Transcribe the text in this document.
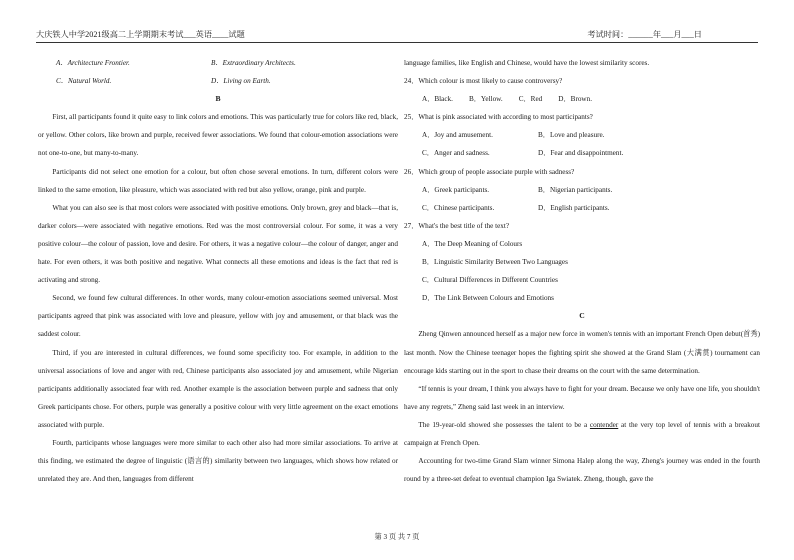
大庆铁人中学2021级高二上学期期末考试___英语____试题	考试时间：______年___月___日
A．Architecture Frontier.	B．Extraordinary Architects.
C．Natural World.	D．Living on Earth.
B

First, all participants found it quite easy to link colors and emotions. This was particularly true for colors like red, black, or yellow. Other colors, like brown and purple, received fewer associations. We found that colour-emotion associations were not one-to-one, but many-to-many.

Participants did not select one emotion for a colour, but often chose several emotions. In turn, different colors were linked to the same emotion, like pleasure, which was associated with red but also yellow, orange, pink and purple.

What you can also see is that most colors were associated with positive emotions. Only brown, grey and black—that is, darker colors—were associated with negative emotions. Red was the most controversial colour. For some, it was a very positive colour—the colour of passion, love and desire. For others, it was a negative colour—the colour of danger, anger and hate. For even others, it was both positive and negative. What connects all these emotions and ideas is the fact that red is activating and strong.

Second, we found few cultural differences. In other words, many colour-emotion associations seemed universal. Most participants agreed that pink was associated with love and pleasure, yellow with joy and amusement, or that black was the saddest colour.

Third, if you are interested in cultural differences, we found some specificity too. For example, in addition to the universal associations of love and anger with red, Chinese participants also associated joy and amusement, while Nigerian participants additionally associated fear with red. Another example is the association between purple and sadness that only Greek participants chose. For others, purple was generally a positive colour with very little agreement on the exact emotions associated with purple.

Fourth, participants whose languages were more similar to each other also had more similar associations. To arrive at this finding, we estimated the degree of linguistic (语言的) similarity between two languages, which shows how related or unrelated they are. And then, languages from different

language families, like English and Chinese, would have the lowest similarity scores.

24．Which colour is most likely to cause controversy?
A．Black. B．Yellow. C．Red D．Brown.
25．What is pink associated with according to most participants?
A．Joy and amusement.	B．Love and pleasure.
C．Anger and sadness.	D．Fear and disappointment.
26．Which group of people associate purple with sadness?
A．Greek participants.	B．Nigerian participants.
C．Chinese participants.	D．English participants.
27．What's the best title of the text?
A．The Deep Meaning of Colours
B．Linguistic Similarity Between Two Languages
C．Cultural Differences in Different Countries
D．The Link Between Colours and Emotions
C

Zheng Qinwen announced herself as a major new force in women's tennis with an important French Open debut(首秀) last month. Now the Chinese teenager hopes the fighting spirit she showed at the Grand Slam (大满贯) tournament can encourage kids starting out in the sport to chase their dreams on the court with the same determination.

“If tennis is your dream, I think you always have to fight for your dream. Because we only have one life, you shouldn't have any regrets,” Zheng said last week in an interview.

The 19-year-old showed she possesses the talent to be a contender at the very top level of tennis with a breakout campaign at French Open.

Accounting for two-time Grand Slam winner Simona Halep along the way, Zheng's journey was ended in the fourth round by a three-set defeat to eventual champion Iga Swiatek. Zheng, though, gave the

第 3 页 共 7 页
